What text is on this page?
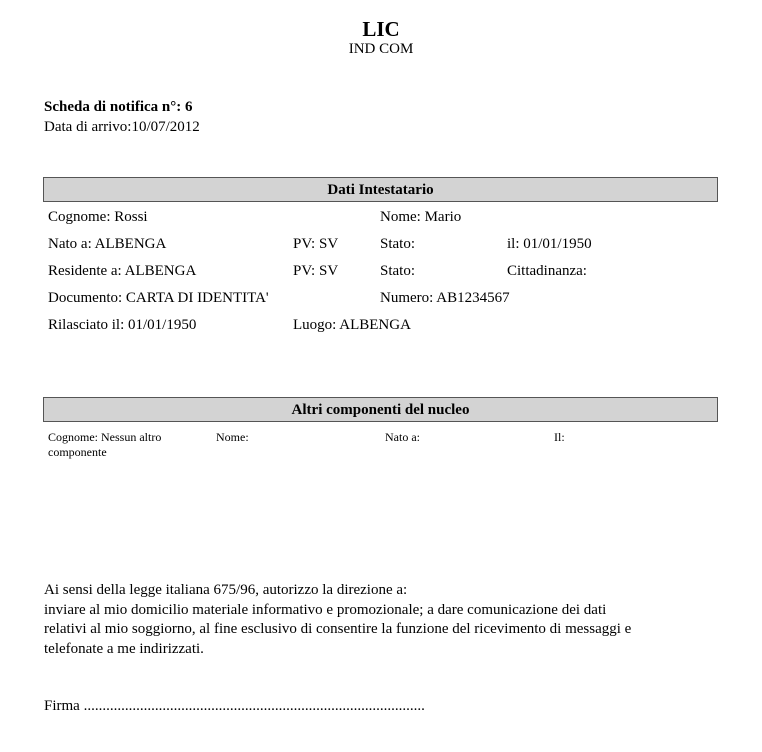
LIC
IND COM
Scheda di notifica n°: 6
Data di arrivo:10/07/2012
Dati Intestatario
Cognome: Rossi	Nome: Mario
Nato a: ALBENGA	PV: SV	Stato:	il: 01/01/1950
Residente a: ALBENGA	PV: SV	Stato:	Cittadinanza:
Documento: CARTA DI IDENTITA'	Numero: AB1234567
Rilasciato il: 01/01/1950	Luogo: ALBENGA
Altri componenti del nucleo
Cognome: Nessun altro
componente
Nome:	Nato a:	Il:
Ai sensi della legge italiana 675/96, autorizzo la direzione a:
inviare al mio domicilio materiale informativo e promozionale; a dare comunicazione dei dati
relativi al mio soggiorno, al fine esclusivo di consentire la funzione del ricevimento di messaggi e
telefonate a me indirizzati.
Firma ...........................................................................................
